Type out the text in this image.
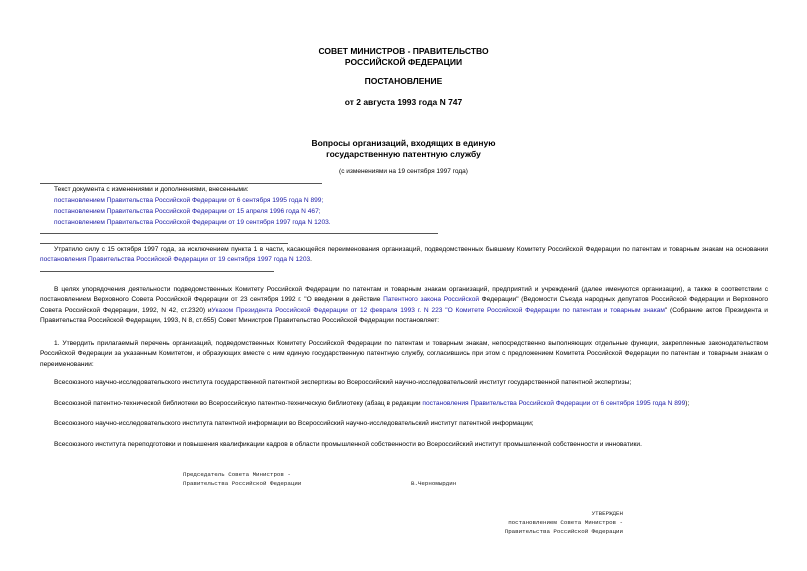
СОВЕТ МИНИСТРОВ - ПРАВИТЕЛЬСТВО
РОССИЙСКОЙ ФЕДЕРАЦИИ
ПОСТАНОВЛЕНИЕ
от 2 августа 1993 года N 747
Вопросы организаций, входящих в единую
государственную патентную службу
(с изменениями на 19 сентября 1997 года)
Текст документа с изменениями и дополнениями, внесенными:
постановлением Правительства Российской Федерации от 6 сентября 1995 года N 899;
постановлением Правительства Российской Федерации от 15 апреля 1996 года N 467;
постановлением Правительства Российской Федерации от 19 сентября 1997 года N 1203.
Утратило силу с 15 октября 1997 года, за исключением пункта 1 в части, касающейся переименования организаций, подведомственных бывшему Комитету Российской Федерации по патентам и товарным знакам на основании постановления Правительства Российской Федерации от 19 сентября 1997 года N 1203.
В целях упорядочения деятельности подведомственных Комитету Российской Федерации по патентам и товарным знакам организаций, предприятий и учреждений (далее именуются организации), а также в соответствии с постановлением Верховного Совета Российской Федерации от 23 сентября 1992 г. "О введении в действие Патентного закона Российской Федерации" (Ведомости Съезда народных депутатов Российской Федерации и Верховного Совета Российской Федерации, 1992, N 42, ст.2320) иУказом Президента Российской Федерации от 12 февраля 1993 г. N 223 "О Комитете Российской Федерации по патентам и товарным знакам" (Собрание актов Президента и Правительства Российской Федерации, 1993, N 8, ст.655) Совет Министров Правительство Российской Федерации постановляет:
1. Утвердить прилагаемый перечень организаций, подведомственных Комитету Российской Федерации по патентам и товарным знакам, непосредственно выполняющих отдельные функции, закрепленные законодательством Российской Федерации за указанным Комитетом, и образующих вместе с ним единую государственную патентную службу, согласившись при этом с предложением Комитета Российской Федерации по патентам и товарным знакам о переименовании:
Всесоюзного научно-исследовательского института государственной патентной экспертизы во Всероссийский научно-исследовательский институт государственной патентной экспертизы;
Всесоюзной патентно-технической библиотеки во Всероссийскую патентно-техническую библиотеку (абзац в редакции постановления Правительства Российской Федерации от 6 сентября 1995 года N 899);
Всесоюзного научно-исследовательского института патентной информации во Всероссийский научно-исследовательский институт патентной информации;
Всесоюзного института переподготовки и повышения квалификации кадров в области промышленной собственности во Всероссийский институт промышленной собственности и инноватики.
Председатель Совета Министров -
Правительства Российской Федерации	В.Черномырдин
УТВЕРЖДЕН
постановлением Совета Министров -
Правительства Российской Федерации
